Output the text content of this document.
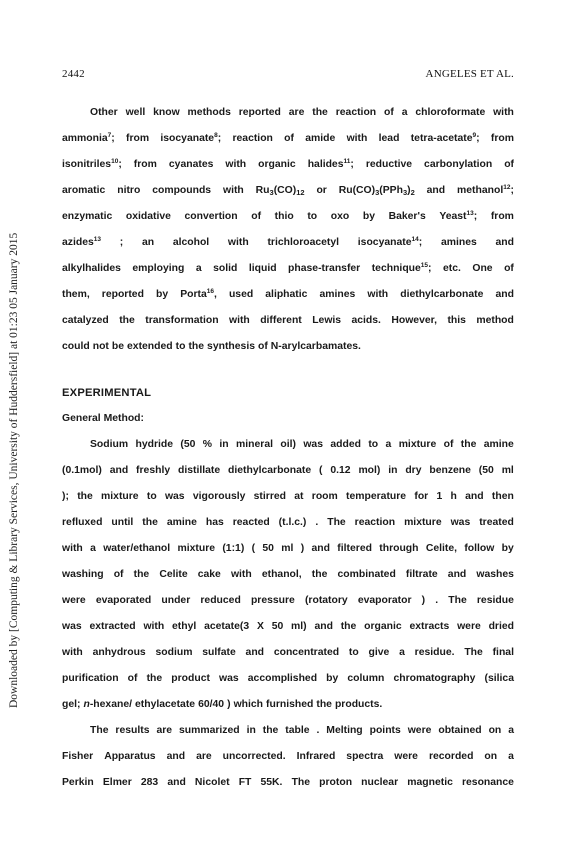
2442	ANGELES ET AL.
Downloaded by [Computing & Library Services, University of Huddersfield] at 01:23 05 January 2015
Other well know methods reported are the reaction of a chloroformate with
ammonia$^7$; from isocyanate$^8$; reaction of amide with lead tetra-acetate$^9$; from
isonitriles$^{10}$; from cyanates with organic halides$^{11}$; reductive carbonylation of
aromatic nitro compounds with $Ru_3(CO)_{12}$ or $Ru(CO)_3(PPh_3)_2$ and methanol$^{12}$;
enzymatic oxidative convertion of thio to oxo by Baker's Yeast$^{13}$; from
azides$^{13}$ ; an alcohol with trichloroacetyl isocyanate$^{14}$; amines and
alkylhalides employing a solid liquid phase-transfer technique$^{15}$; etc. One of
them, reported by Porta$^{16}$, used aliphatic amines with diethylcarbonate and
catalyzed the transformation with different Lewis acids. However, this method
could not be extended to the synthesis of N-arylcarbamates.
EXPERIMENTAL
General Method:
Sodium hydride (50 % in mineral oil) was added to a mixture of the amine
(0.1mol) and freshly distillate diethylcarbonate ( 0.12 mol) in dry benzene (50 ml
); the mixture to was vigorously stirred at room temperature for 1 h and then
refluxed until the amine has reacted (t.l.c.) . The reaction mixture was treated
with a water/ethanol mixture (1:1) ( 50 ml ) and filtered through Celite, follow by
washing of the Celite cake with ethanol, the combinated filtrate and washes
were evaporated under reduced pressure (rotatory evaporator ) . The residue
was extracted with ethyl acetate(3 X 50 ml) and the organic extracts were dried
with anhydrous sodium sulfate and concentrated to give a residue. The final
purification of the product was accomplished by column chromatography (silica
gel; n-hexane/ ethylacetate 60/40 ) which furnished the products.
The results are summarized in the table . Melting points were obtained on a
Fisher Apparatus and are uncorrected. Infrared spectra were recorded on a
Perkin Elmer 283 and Nicolet FT 55K. The proton nuclear magnetic resonance
